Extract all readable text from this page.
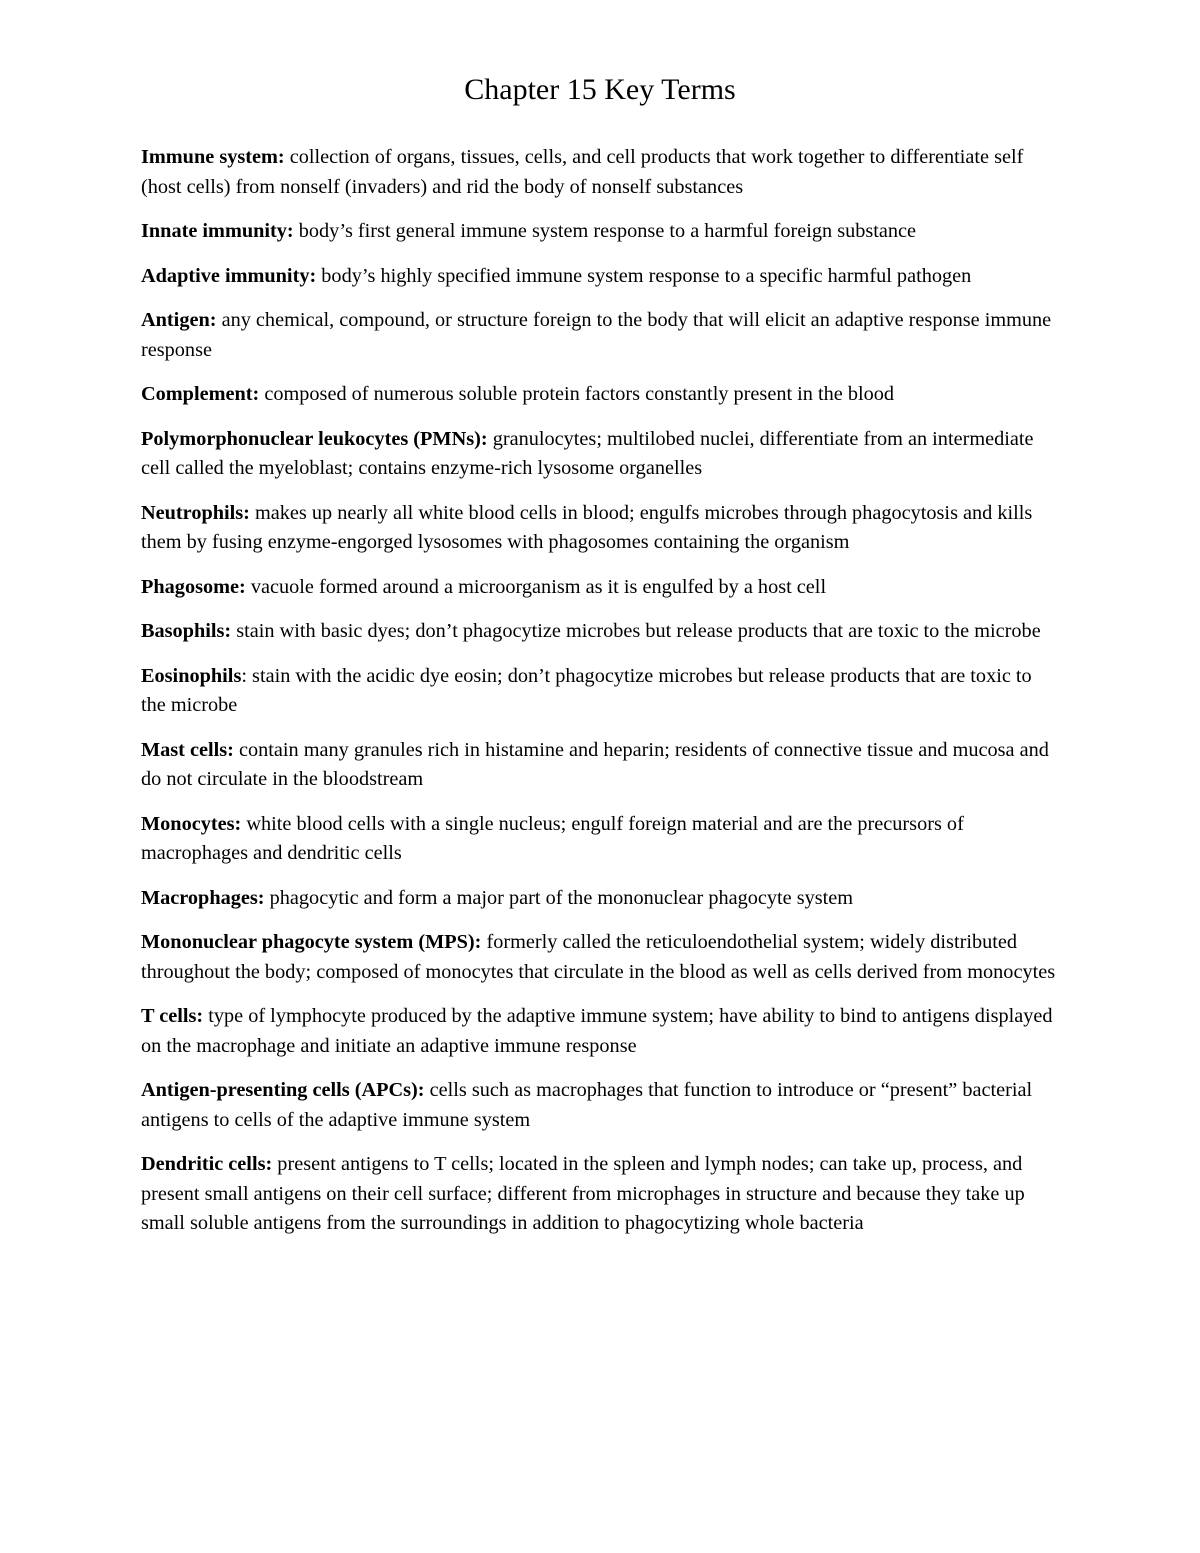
Chapter 15 Key Terms
Immune system: collection of organs, tissues, cells, and cell products that work together to differentiate self (host cells) from nonself (invaders) and rid the body of nonself substances
Innate immunity: body’s first general immune system response to a harmful foreign substance
Adaptive immunity: body’s highly specified immune system response to a specific harmful pathogen
Antigen: any chemical, compound, or structure foreign to the body that will elicit an adaptive response immune response
Complement: composed of numerous soluble protein factors constantly present in the blood
Polymorphonuclear leukocytes (PMNs): granulocytes; multilobed nuclei, differentiate from an intermediate cell called the myeloblast; contains enzyme-rich lysosome organelles
Neutrophils: makes up nearly all white blood cells in blood; engulfs microbes through phagocytosis and kills them by fusing enzyme-engorged lysosomes with phagosomes containing the organism
Phagosome: vacuole formed around a microorganism as it is engulfed by a host cell
Basophils: stain with basic dyes; don’t phagocytize microbes but release products that are toxic to the microbe
Eosinophils: stain with the acidic dye eosin; don’t phagocytize microbes but release products that are toxic to the microbe
Mast cells: contain many granules rich in histamine and heparin; residents of connective tissue and mucosa and do not circulate in the bloodstream
Monocytes: white blood cells with a single nucleus; engulf foreign material and are the precursors of macrophages and dendritic cells
Macrophages: phagocytic and form a major part of the mononuclear phagocyte system
Mononuclear phagocyte system (MPS): formerly called the reticuloendothelial system; widely distributed throughout the body; composed of monocytes that circulate in the blood as well as cells derived from monocytes
T cells: type of lymphocyte produced by the adaptive immune system; have ability to bind to antigens displayed on the macrophage and initiate an adaptive immune response
Antigen-presenting cells (APCs): cells such as macrophages that function to introduce or “present” bacterial antigens to cells of the adaptive immune system
Dendritic cells: present antigens to T cells; located in the spleen and lymph nodes; can take up, process, and present small antigens on their cell surface; different from microphages in structure and because they take up small soluble antigens from the surroundings in addition to phagocytizing whole bacteria
